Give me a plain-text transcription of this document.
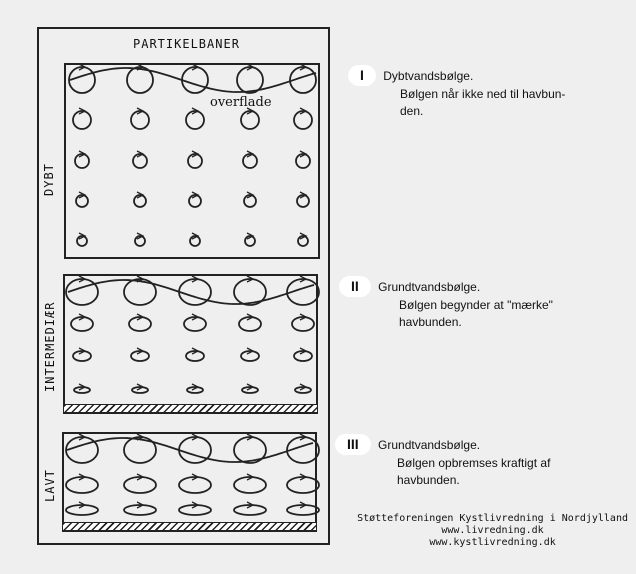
PARTIKELBANER
DYBT
overflade
INTERMEDIÆR
LAVT
I Dybtvandsbølge.
Bølgen når ikke ned til havbun-
den.
II Grundtvandsbølge.
Bølgen begynder at "mærke"
havbunden.
III Grundtvandsbølge.
Bølgen opbremses kraftigt af
havbunden.
Støtteforeningen Kystlivredning i Nordjylland
www.livredning.dk
www.kystlivredning.dk
